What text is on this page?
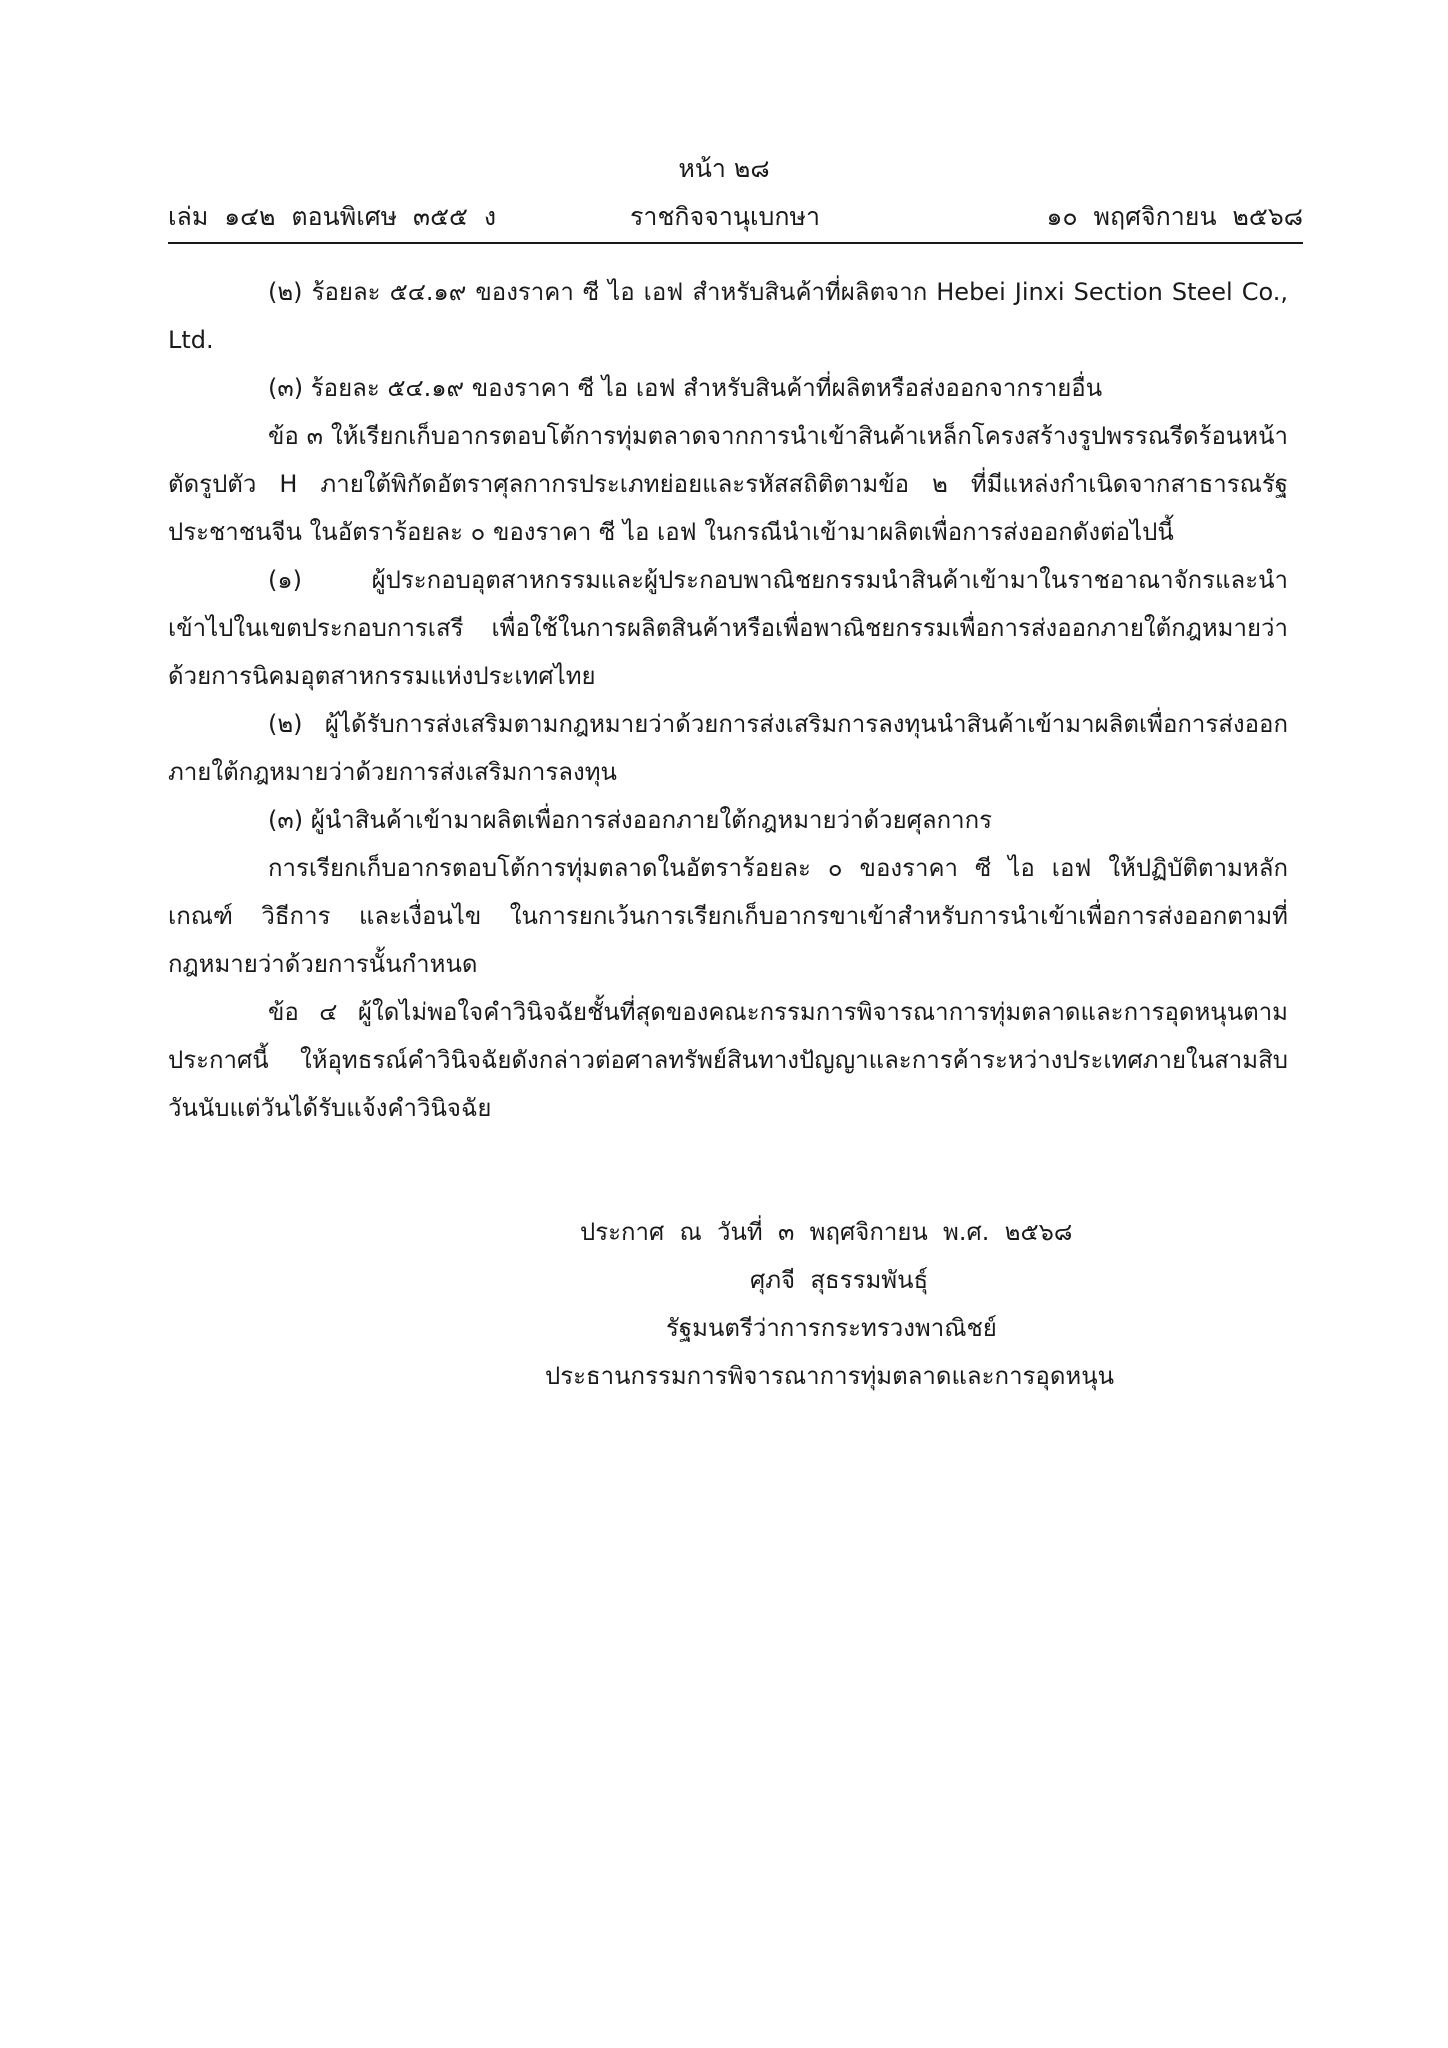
หน้า ๒๘
เล่ม  ๑๔๒  ตอนพิเศษ  ๓๕๕  ง	ราชกิจจานุเบกษา	๑๐  พฤศจิกายน  ๒๕๖๘

(๒) ร้อยละ ๕๔.๑๙ ของราคา ซี ไอ เอฟ สำหรับสินค้าที่ผลิตจาก Hebei Jinxi Section Steel Co., Ltd.

(๓) ร้อยละ ๕๔.๑๙ ของราคา ซี ไอ เอฟ สำหรับสินค้าที่ผลิตหรือส่งออกจากรายอื่น

ข้อ ๓ ให้เรียกเก็บอากรตอบโต้การทุ่มตลาดจากการนำเข้าสินค้าเหล็กโครงสร้างรูปพรรณรีดร้อนหน้าตัดรูปตัว H ภายใต้พิกัดอัตราศุลกากรประเภทย่อยและรหัสสถิติตามข้อ ๒ ที่มีแหล่งกำเนิดจากสาธารณรัฐประชาชนจีน ในอัตราร้อยละ ๐ ของราคา ซี ไอ เอฟ ในกรณีนำเข้ามาผลิตเพื่อการส่งออกดังต่อไปนี้

(๑) ผู้ประกอบอุตสาหกรรมและผู้ประกอบพาณิชยกรรมนำสินค้าเข้ามาในราชอาณาจักรและนำเข้าไปในเขตประกอบการเสรี เพื่อใช้ในการผลิตสินค้าหรือเพื่อพาณิชยกรรมเพื่อการส่งออกภายใต้กฎหมายว่าด้วยการนิคมอุตสาหกรรมแห่งประเทศไทย

(๒) ผู้ได้รับการส่งเสริมตามกฎหมายว่าด้วยการส่งเสริมการลงทุนนำสินค้าเข้ามาผลิตเพื่อการส่งออกภายใต้กฎหมายว่าด้วยการส่งเสริมการลงทุน

(๓) ผู้นำสินค้าเข้ามาผลิตเพื่อการส่งออกภายใต้กฎหมายว่าด้วยศุลกากร

การเรียกเก็บอากรตอบโต้การทุ่มตลาดในอัตราร้อยละ ๐ ของราคา ซี ไอ เอฟ ให้ปฏิบัติตามหลักเกณฑ์ วิธีการ และเงื่อนไข ในการยกเว้นการเรียกเก็บอากรขาเข้าสำหรับการนำเข้าเพื่อการส่งออกตามที่กฎหมายว่าด้วยการนั้นกำหนด

ข้อ ๔ ผู้ใดไม่พอใจคำวินิจฉัยชั้นที่สุดของคณะกรรมการพิจารณาการทุ่มตลาดและการอุดหนุนตามประกาศนี้ ให้อุทธรณ์คำวินิจฉัยดังกล่าวต่อศาลทรัพย์สินทางปัญญาและการค้าระหว่างประเทศภายในสามสิบวันนับแต่วันได้รับแจ้งคำวินิจฉัย

ประกาศ  ณ  วันที่  ๓  พฤศจิกายน  พ.ศ.  ๒๕๖๘
ศุภจี  สุธรรมพันธุ์
รัฐมนตรีว่าการกระทรวงพาณิชย์
ประธานกรรมการพิจารณาการทุ่มตลาดและการอุดหนุน
